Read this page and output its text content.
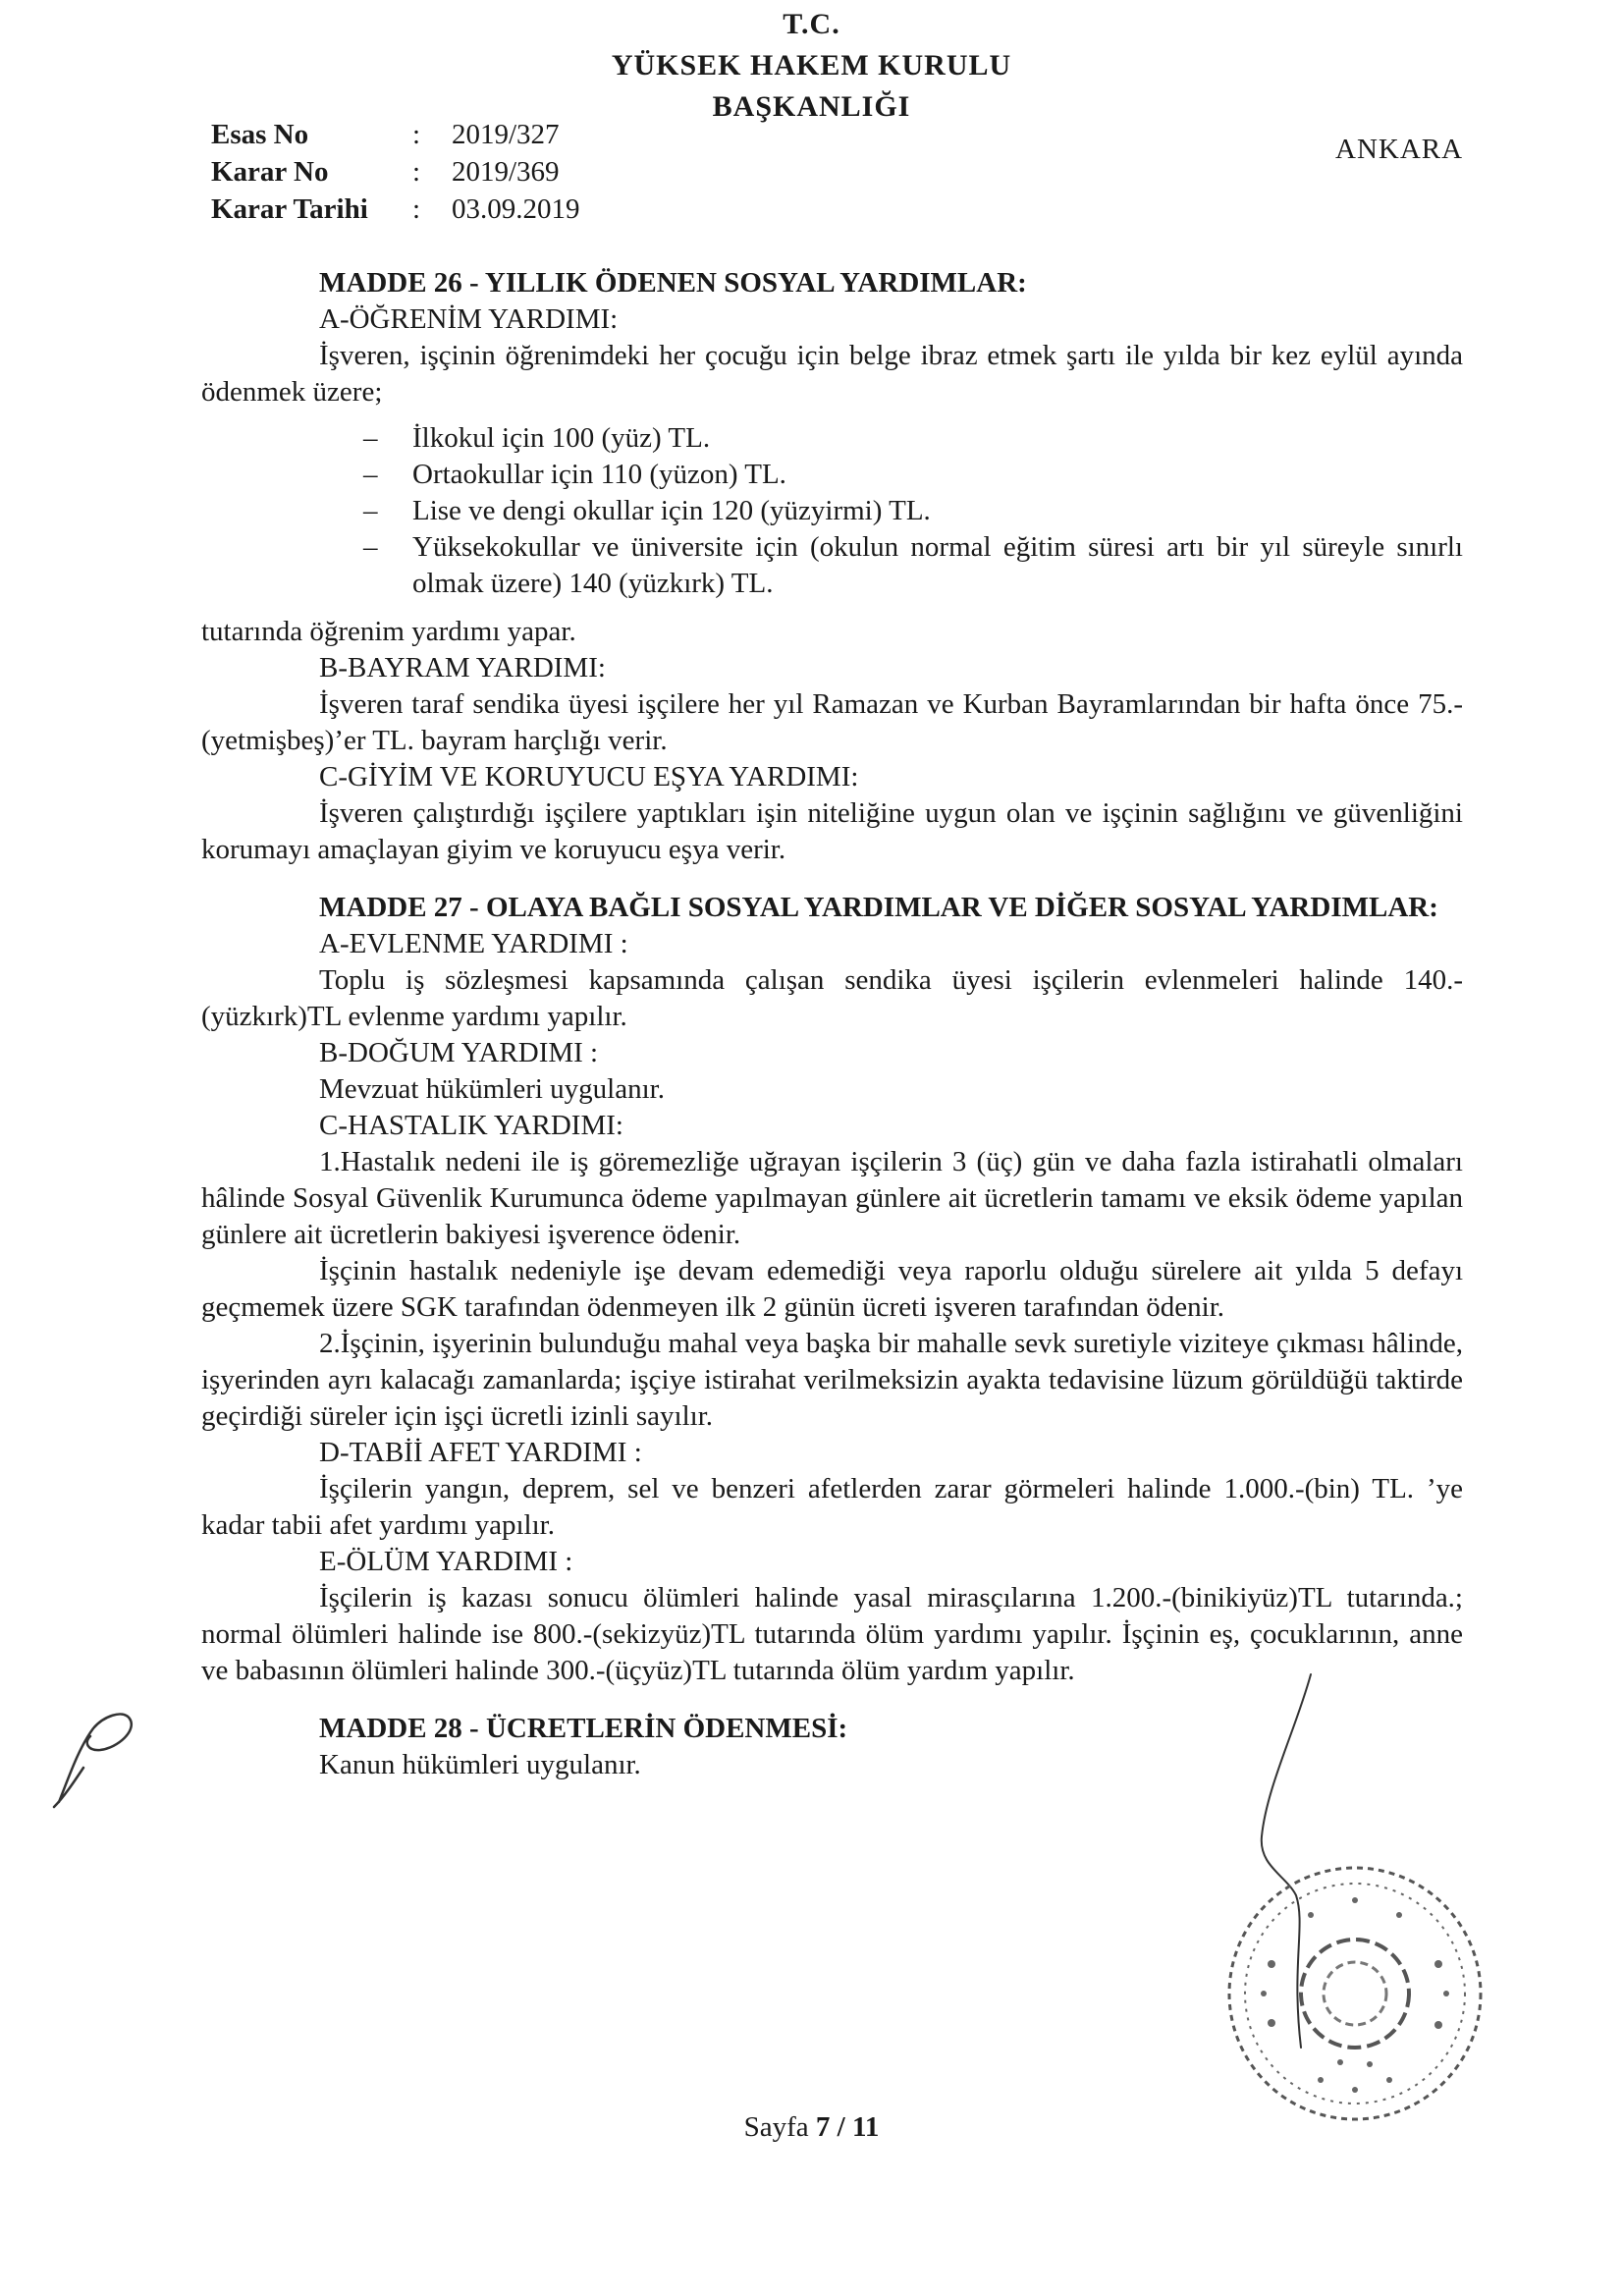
T.C.
YÜKSEK HAKEM KURULU
BAŞKANLIĞI
Esas No	:	2019/327
Karar No	:	2019/369
Karar Tarihi	:	03.09.2019
ANKARA

MADDE 26 - YILLIK ÖDENEN SOSYAL YARDIMLAR:

A-ÖĞRENİM YARDIMI:

İşveren, işçinin öğrenimdeki her çocuğu için belge ibraz etmek şartı ile yılda bir kez eylül ayında ödenmek üzere;

– İlkokul için 100 (yüz) TL.
– Ortaokullar için 110 (yüzon) TL.
– Lise ve dengi okullar için 120 (yüzyirmi) TL.
– Yüksekokullar ve üniversite için (okulun normal eğitim süresi artı bir yıl süreyle sınırlı olmak üzere) 140 (yüzkırk) TL.

tutarında öğrenim yardımı yapar.

B-BAYRAM YARDIMI:

İşveren taraf sendika üyesi işçilere her yıl Ramazan ve Kurban Bayramlarından bir hafta önce 75.-(yetmişbeş)’er TL. bayram harçlığı verir.

C-GİYİM VE KORUYUCU EŞYA YARDIMI:

İşveren çalıştırdığı işçilere yaptıkları işin niteliğine uygun olan ve işçinin sağlığını ve güvenliğini korumayı amaçlayan giyim ve koruyucu eşya verir.

MADDE 27 - OLAYA BAĞLI SOSYAL YARDIMLAR VE DİĞER SOSYAL YARDIMLAR:

A-EVLENME YARDIMI :

Toplu iş sözleşmesi kapsamında çalışan sendika üyesi işçilerin evlenmeleri halinde 140.-(yüzkırk)TL evlenme yardımı yapılır.

B-DOĞUM YARDIMI :

Mevzuat hükümleri uygulanır.

C-HASTALIK YARDIMI:

1.Hastalık nedeni ile iş göremezliğe uğrayan işçilerin 3 (üç) gün ve daha fazla istirahatli olmaları hâlinde Sosyal Güvenlik Kurumunca ödeme yapılmayan günlere ait ücretlerin tamamı ve eksik ödeme yapılan günlere ait ücretlerin bakiyesi işverence ödenir.

İşçinin hastalık nedeniyle işe devam edemediği veya raporlu olduğu sürelere ait yılda 5 defayı geçmemek üzere SGK tarafından ödenmeyen ilk 2 günün ücreti işveren tarafından ödenir.

2.İşçinin, işyerinin bulunduğu mahal veya başka bir mahalle sevk suretiyle viziteye çıkması hâlinde, işyerinden ayrı kalacağı zamanlarda; işçiye istirahat verilmeksizin ayakta tedavisine lüzum görüldüğü taktirde geçirdiği süreler için işçi ücretli izinli sayılır.

D-TABİİ AFET YARDIMI :

İşçilerin yangın, deprem, sel ve benzeri afetlerden zarar görmeleri halinde 1.000.-(bin) TL. ’ye kadar tabii afet yardımı yapılır.

E-ÖLÜM YARDIMI :

İşçilerin iş kazası sonucu ölümleri halinde yasal mirasçılarına 1.200.-(binikiyüz)TL tutarında.; normal ölümleri halinde ise 800.-(sekizyüz)TL tutarında ölüm yardımı yapılır. İşçinin eş, çocuklarının, anne ve babasının ölümleri halinde 300.-(üçyüz)TL tutarında ölüm yardım yapılır.

MADDE 28 - ÜCRETLERİN ÖDENMESİ:

Kanun hükümleri uygulanır.

Sayfa 7 / 11
